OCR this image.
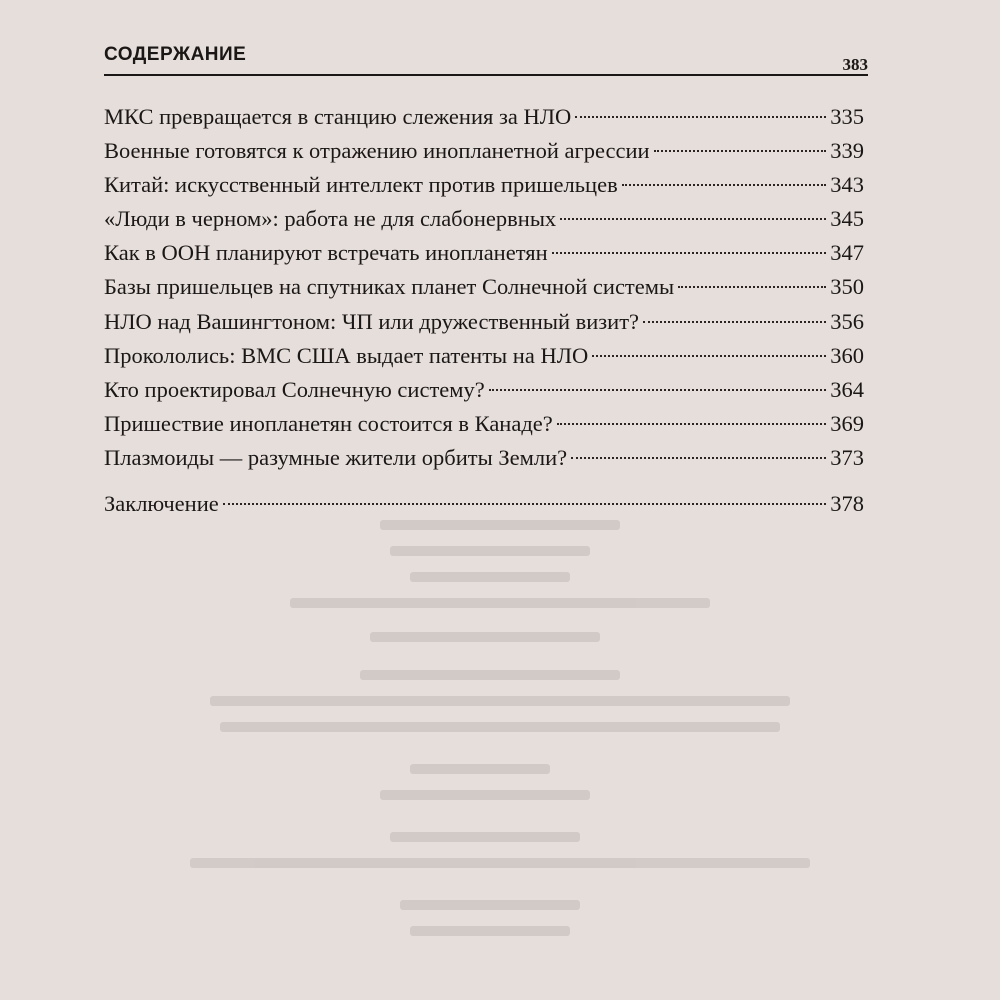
СОДЕРЖАНИЕ	383
МКС превращается в станцию слежения за НЛО	335
Военные готовятся к отражению инопланетной агрессии	339
Китай: искусственный интеллект против пришельцев	343
«Люди в черном»: работа не для слабонервных	345
Как в ООН планируют встречать инопланетян	347
Базы пришельцев на спутниках планет Солнечной системы	350
НЛО над Вашингтоном: ЧП или дружественный визит?	356
Прокололись: ВМС США выдает патенты на НЛО	360
Кто проектировал Солнечную систему?	364
Пришествие инопланетян состоится в Канаде?	369
Плазмоиды — разумные жители орбиты Земли?	373
Заключение	378
